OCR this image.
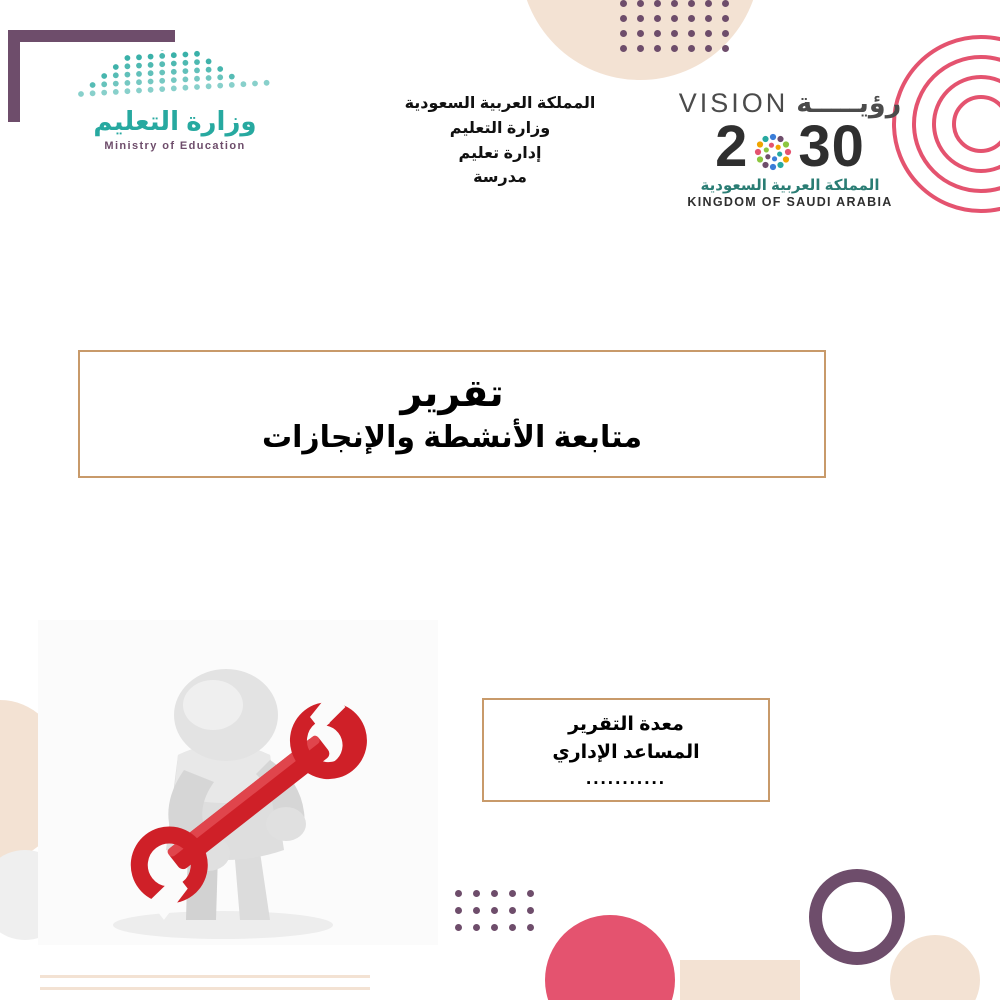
وزارة التعليم
Ministry of Education
المملكة العربية السعودية
وزارة التعليم
إدارة تعليم
مدرسة
VISION رؤيـــــة
2 30
المملكة العربية السعودية
KINGDOM OF SAUDI ARABIA
تقرير
متابعة الأنشطة والإنجازات
معدة التقرير
المساعد الإداري
...........
